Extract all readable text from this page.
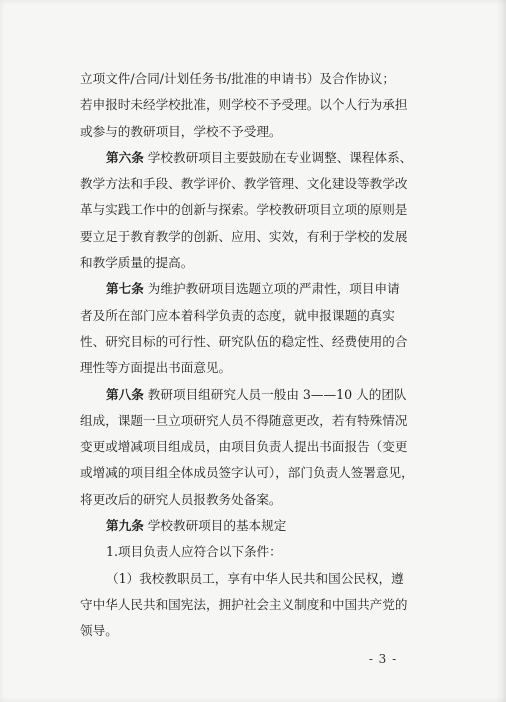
立项文件/合同/计划任务书/批准的申请书）及合作协议；
若申报时未经学校批准，则学校不予受理。以个人行为承担
或参与的教研项目，学校不予受理。
第六条 学校教研项目主要鼓励在专业调整、课程体系、
教学方法和手段、教学评价、教学管理、文化建设等教学改
革与实践工作中的创新与探索。学校教研项目立项的原则是
要立足于教育教学的创新、应用、实效，有利于学校的发展
和教学质量的提高。
第七条 为维护教研项目选题立项的严肃性，项目申请
者及所在部门应本着科学负责的态度，就申报课题的真实
性、研究目标的可行性、研究队伍的稳定性、经费使用的合
理性等方面提出书面意见。
第八条 教研项目组研究人员一般由 3——10 人的团队
组成，课题一旦立项研究人员不得随意更改，若有特殊情况
变更或增减项目组成员，由项目负责人提出书面报告（变更
或增减的项目组全体成员签字认可），部门负责人签署意见，
将更改后的研究人员报教务处备案。
第九条 学校教研项目的基本规定
1.项目负责人应符合以下条件：
（1）我校教职员工，享有中华人民共和国公民权，遵
守中华人民共和国宪法，拥护社会主义制度和中国共产党的
领导。
- 3 -
